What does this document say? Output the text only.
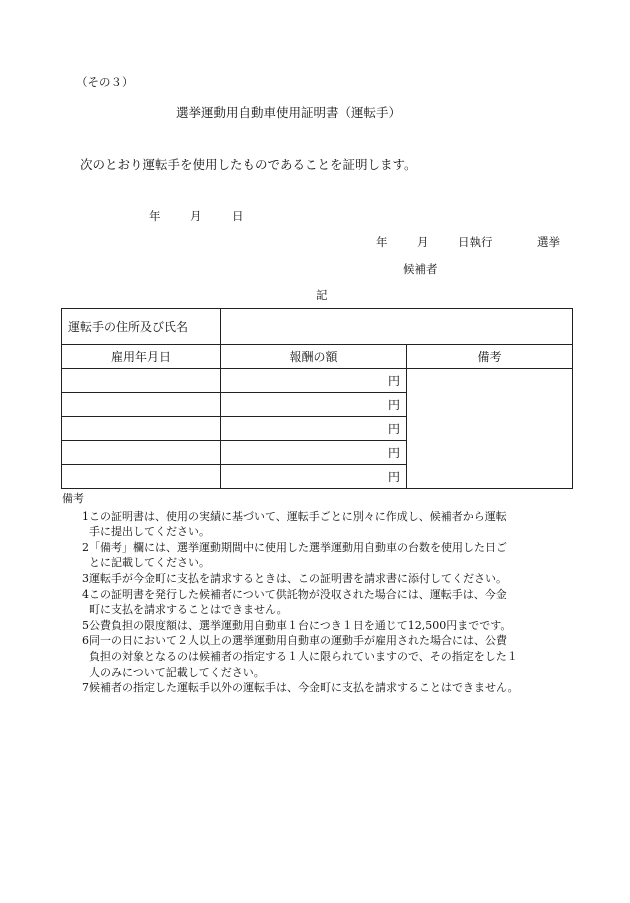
（その３）
選挙運動用自動車使用証明書（運転手）
次のとおり運転手を使用したものであることを証明します。
年	月	日
年	月	日執行	選挙
候補者
記
運転手の住所及び氏名		
雇用年月日	報酬の額	備考
	円	
	円	
	円	
	円	
	円	
備考
1 この証明書は、使用の実績に基づいて、運転手ごとに別々に作成し、候補者から運転
手に提出してください。
2 「備考」欄には、選挙運動期間中に使用した選挙運動用自動車の台数を使用した日ご
とに記載してください。
3 運転手が今金町に支払を請求するときは、この証明書を請求書に添付してください。
4 この証明書を発行した候補者について供託物が没収された場合には、運転手は、今金
町に支払を請求することはできません。
5 公費負担の限度額は、選挙運動用自動車１台につき１日を通じて12,500円までです。
6 同一の日において２人以上の選挙運動用自動車の運動手が雇用された場合には、公費
負担の対象となるのは候補者の指定する１人に限られていますので、その指定をした１
人のみについて記載してください。
7 候補者の指定した運転手以外の運転手は、今金町に支払を請求することはできません。
